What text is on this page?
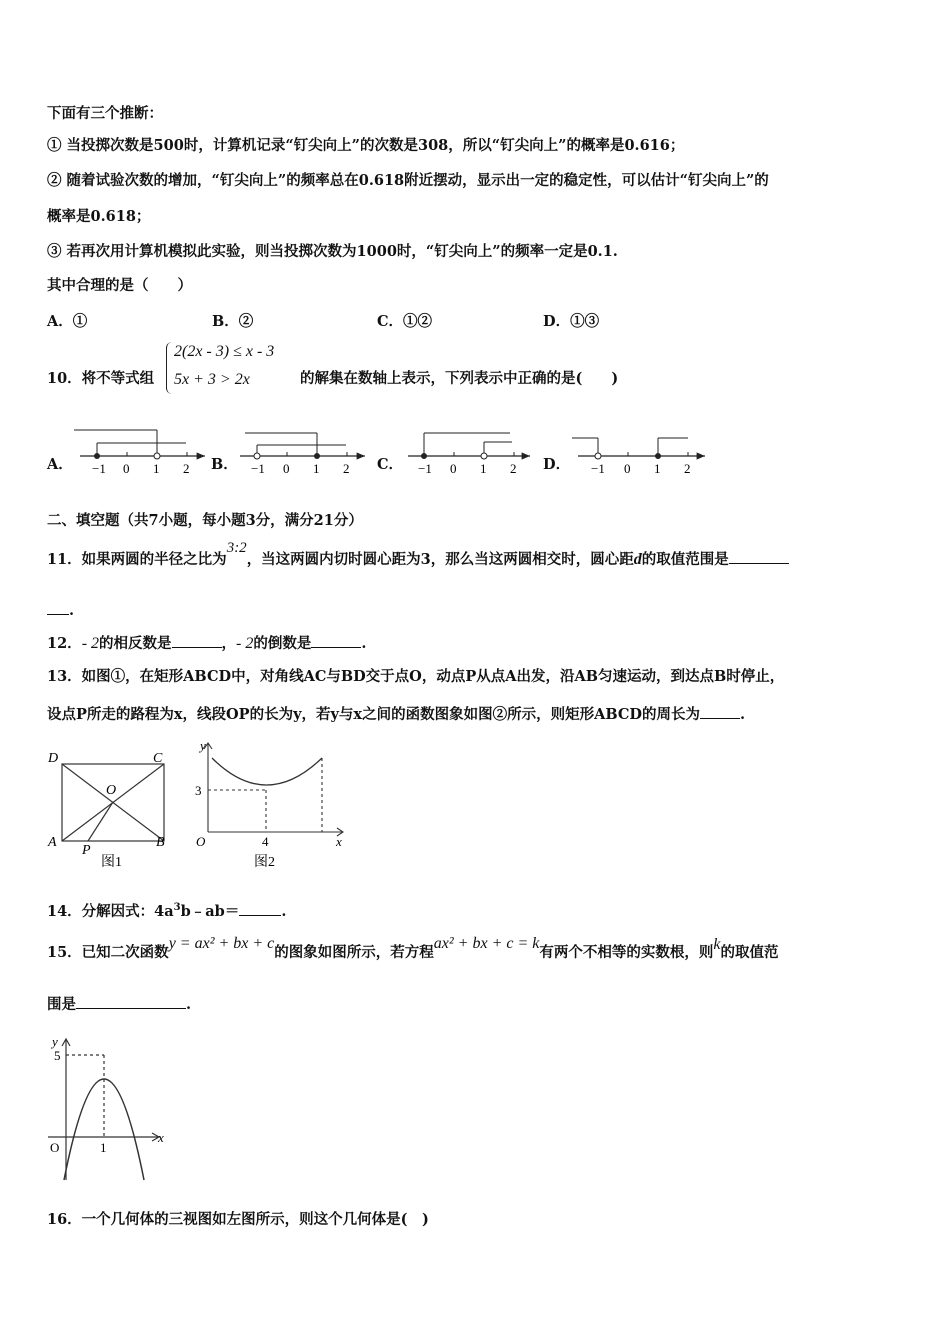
下面有三个推断：
① 当投掷次数是500时，计算机记录“钉尖向上”的次数是308，所以“钉尖向上”的概率是0.616；
② 随着试验次数的增加，“钉尖向上”的频率总在0.618附近摆动，显示出一定的稳定性，可以估计“钉尖向上”的
概率是0.618；
③ 若再次用计算机模拟此实验，则当投掷次数为1000时，“钉尖向上”的频率一定是0.1.
其中合理的是（　　）
A．①	B．②	C．①②	D．①③
10．将不等式组
2(2x - 3) ≤ x - 3
5x + 3 > 2x	的解集在数轴上表示，下列表示中正确的是(　　)
A．	B．	C．	D．
−1 0 1 2	−1 0 1 2	−1 0 1 2	−1 0 1 2
二、填空题（共7小题，每小题3分，满分21分）
11．如果两圆的半径之比为3:2，当这两圆内切时圆心距为3，那么当这两圆相交时，圆心距d的取值范围是
.
12．- 2的相反数是	，- 2的倒数是	.
13．如图①，在矩形ABCD中，对角线AC与BD交于点O，动点P从点A出发，沿AB匀速运动，到达点B时停止，
设点P所走的路程为x，线段OP的长为y，若y与x之间的函数图象如图②所示，则矩形ABCD的周长为	.
D	C
O
A
P
B
图1
y
x
O
3
4
图2
14．分解因式：$4a^3b﹣ab=$	.
15．已知二次函数y = ax² + bx + c的图象如图所示，若方程ax² + bx + c = k有两个不相等的实数根，则k的取值范
围是	.
y
x
O
5
1
16．一个几何体的三视图如左图所示，则这个几何体是(　)
